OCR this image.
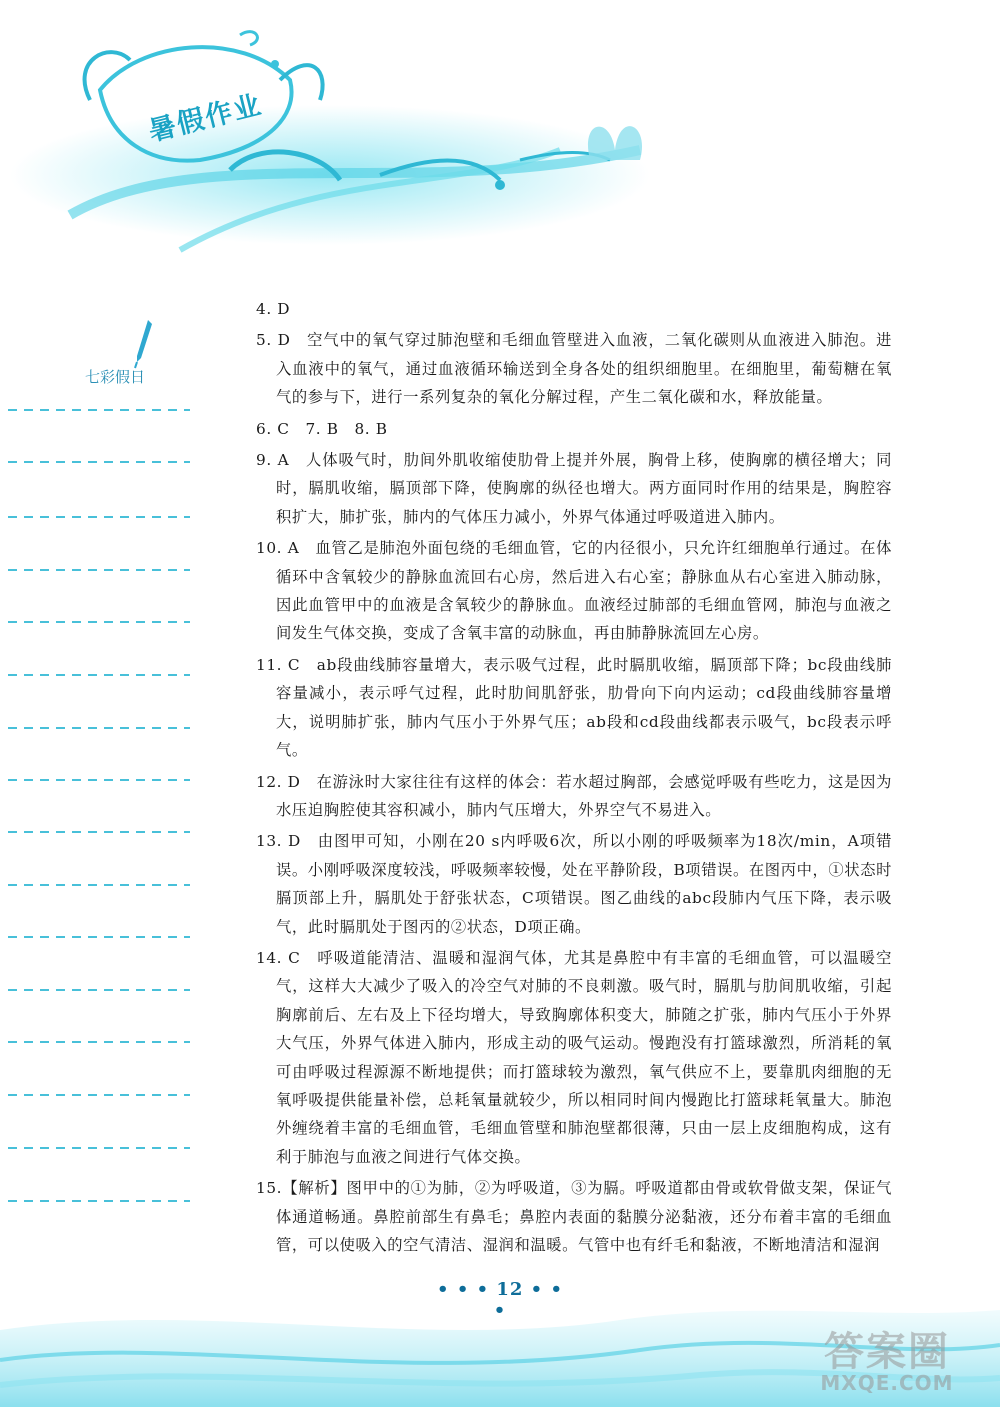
暑假作业
七彩假日
4. D
5. D　空气中的氧气穿过肺泡壁和毛细血管壁进入血液，二氧化碳则从血液进入肺泡。进入血液中的氧气，通过血液循环输送到全身各处的组织细胞里。在细胞里，葡萄糖在氧气的参与下，进行一系列复杂的氧化分解过程，产生二氧化碳和水，释放能量。
6. C　7. B　8. B
9. A　人体吸气时，肋间外肌收缩使肋骨上提并外展，胸骨上移，使胸廓的横径增大；同时，膈肌收缩，膈顶部下降，使胸廓的纵径也增大。两方面同时作用的结果是，胸腔容积扩大，肺扩张，肺内的气体压力减小，外界气体通过呼吸道进入肺内。
10. A　血管乙是肺泡外面包绕的毛细血管，它的内径很小，只允许红细胞单行通过。在体循环中含氧较少的静脉血流回右心房，然后进入右心室；静脉血从右心室进入肺动脉，因此血管甲中的血液是含氧较少的静脉血。血液经过肺部的毛细血管网，肺泡与血液之间发生气体交换，变成了含氧丰富的动脉血，再由肺静脉流回左心房。
11. C　ab段曲线肺容量增大，表示吸气过程，此时膈肌收缩，膈顶部下降；bc段曲线肺容量减小，表示呼气过程，此时肋间肌舒张，肋骨向下向内运动；cd段曲线肺容量增大，说明肺扩张，肺内气压小于外界气压；ab段和cd段曲线都表示吸气，bc段表示呼气。
12. D　在游泳时大家往往有这样的体会：若水超过胸部，会感觉呼吸有些吃力，这是因为水压迫胸腔使其容积减小，肺内气压增大，外界空气不易进入。
13. D　由图甲可知，小刚在20 s内呼吸6次，所以小刚的呼吸频率为18次/min，A项错误。小刚呼吸深度较浅，呼吸频率较慢，处在平静阶段，B项错误。在图丙中，①状态时膈顶部上升，膈肌处于舒张状态，C项错误。图乙曲线的abc段肺内气压下降，表示吸气，此时膈肌处于图丙的②状态，D项正确。
14. C　呼吸道能清洁、温暖和湿润气体，尤其是鼻腔中有丰富的毛细血管，可以温暖空气，这样大大减少了吸入的冷空气对肺的不良刺激。吸气时，膈肌与肋间肌收缩，引起胸廓前后、左右及上下径均增大，导致胸廓体积变大，肺随之扩张，肺内气压小于外界大气压，外界气体进入肺内，形成主动的吸气运动。慢跑没有打篮球激烈，所消耗的氧可由呼吸过程源源不断地提供；而打篮球较为激烈，氧气供应不上，要靠肌肉细胞的无氧呼吸提供能量补偿，总耗氧量就较少，所以相同时间内慢跑比打篮球耗氧量大。肺泡外缠绕着丰富的毛细血管，毛细血管壁和肺泡壁都很薄，只由一层上皮细胞构成，这有利于肺泡与血液之间进行气体交换。
15.【解析】图甲中的①为肺，②为呼吸道，③为膈。呼吸道都由骨或软骨做支架，保证气体通道畅通。鼻腔前部生有鼻毛；鼻腔内表面的黏膜分泌黏液，还分布着丰富的毛细血管，可以使吸入的空气清洁、湿润和温暖。气管中也有纤毛和黏液，不断地清洁和湿润
• • • 12 • • •
答案圈
MXQE.COM
